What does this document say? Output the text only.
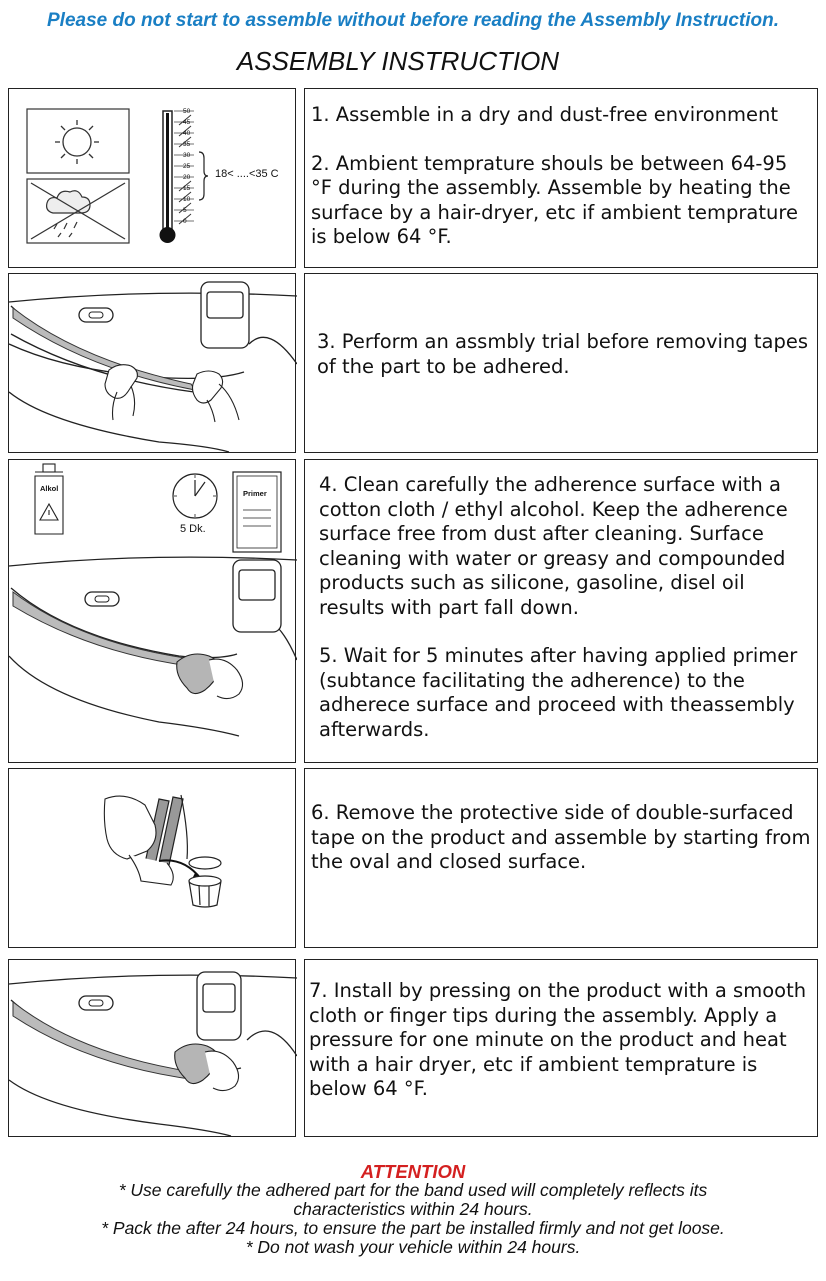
Please do not start to assemble without before reading the Assembly Instruction.
ASSEMBLY INSTRUCTION
50
45
40
35
30
25
20
15
10
5
0
18< ....<35 C

1. Assemble in a dry and dust-free environment

2. Ambient temprature shouls be between 64-95 °F during the assembly. Assemble by heating the surface by a hair-dryer, etc if ambient temprature is below 64 °F.

3. Perform an assmbly trial before removing tapes of the part to be adhered.

Alkol
5 Dk.
Primer	4. Clean carefully the adherence surface with a cotton cloth / ethyl alcohol. Keep the adherence surface free from dust after cleaning. Surface cleaning with water or greasy and compounded products such as silicone, gasoline, disel oil results with part fall down.

5. Wait for 5 minutes after having applied primer (subtance facilitating the adherence) to the adherece surface and proceed with theassembly afterwards.

6. Remove the protective side of double-surfaced tape on the product and assemble by starting from the oval and closed surface.

7. Install by pressing on the product with a smooth cloth or finger tips during the assembly. Apply a pressure for one minute on the product and heat with a hair dryer, etc if ambient temprature is below 64 °F.

ATTENTION
* Use carefully the adhered part for the band used will completely reflects its
characteristics within 24 hours.
* Pack the after 24 hours, to ensure the part be installed firmly and not get loose.
* Do not wash your vehicle within 24 hours.
